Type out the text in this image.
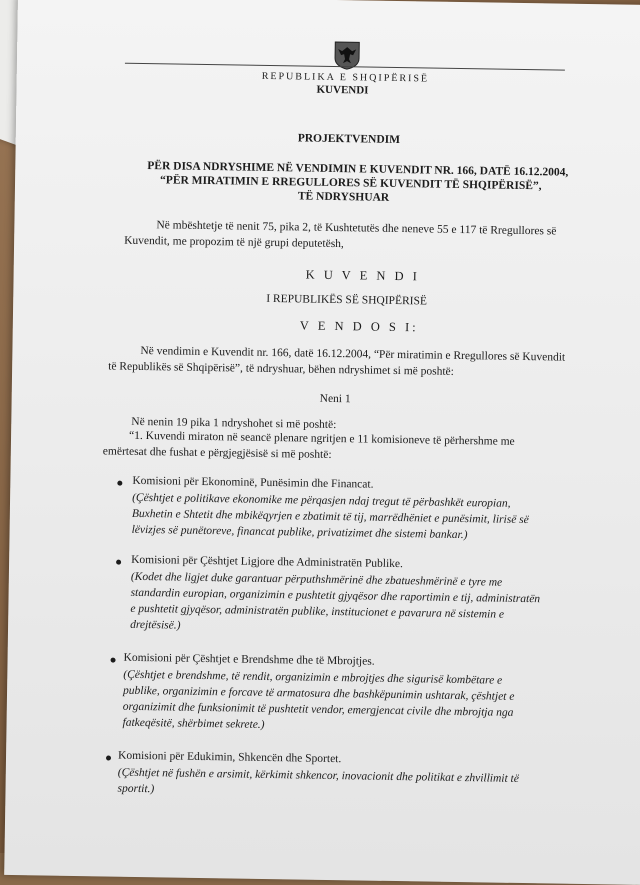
REPUBLIKA E SHQIPËRISË
KUVENDI
PROJEKTVENDIM
PËR DISA NDRYSHIME NË VENDIMIN E KUVENDIT NR. 166, DATË 16.12.2004,
“PËR MIRATIMIN E RREGULLORES SË KUVENDIT TË SHQIPËRISË”,
TË NDRYSHUAR
Në mbështetje të nenit 75, pika 2, të Kushtetutës dhe neneve 55 e 117 të Rregullores së
Kuvendit, me propozim të një grupi deputetësh,
K U V E N D I
I REPUBLIKËS SË SHQIPËRISË
V E N D O S I:
Në vendimin e Kuvendit nr. 166, datë 16.12.2004, “Për miratimin e Rregullores së Kuvendit
të Republikës së Shqipërisë”, të ndryshuar, bëhen ndryshimet si më poshtë:
Neni 1
Në nenin 19 pika 1 ndryshohet si më poshtë:
“1. Kuvendi miraton në seancë plenare ngritjen e 11 komisioneve të përhershme me
emërtesat dhe fushat e përgjegjësisë si më poshtë:
Komisioni për Ekonominë, Punësimin dhe Financat.
(Çështjet e politikave ekonomike me përqasjen ndaj tregut të përbashkët europian,
Buxhetin e Shtetit dhe mbikëqyrjen e zbatimit të tij, marrëdhëniet e punësimit, lirisë së
lëvizjes së punëtoreve, financat publike, privatizimet dhe sistemi bankar.)
Komisioni për Çështjet Ligjore dhe Administratën Publike.
(Kodet dhe ligjet duke garantuar përputhshmërinë dhe zbatueshmërinë e tyre me
standardin europian, organizimin e pushtetit gjyqësor dhe raportimin e tij, administratën
e pushtetit gjyqësor, administratën publike, institucionet e pavarura në sistemin e
drejtësisë.)
Komisioni për Çështjet e Brendshme dhe të Mbrojtjes.
(Çështjet e brendshme, të rendit, organizimin e mbrojtjes dhe sigurisë kombëtare e
publike, organizimin e forcave të armatosura dhe bashkëpunimin ushtarak, çështjet e
organizimit dhe funksionimit të pushtetit vendor, emergjencat civile dhe mbrojtja nga
fatkeqësitë, shërbimet sekrete.)
Komisioni për Edukimin, Shkencën dhe Sportet.
(Çështjet në fushën e arsimit, kërkimit shkencor, inovacionit dhe politikat e zhvillimit të
sportit.)
